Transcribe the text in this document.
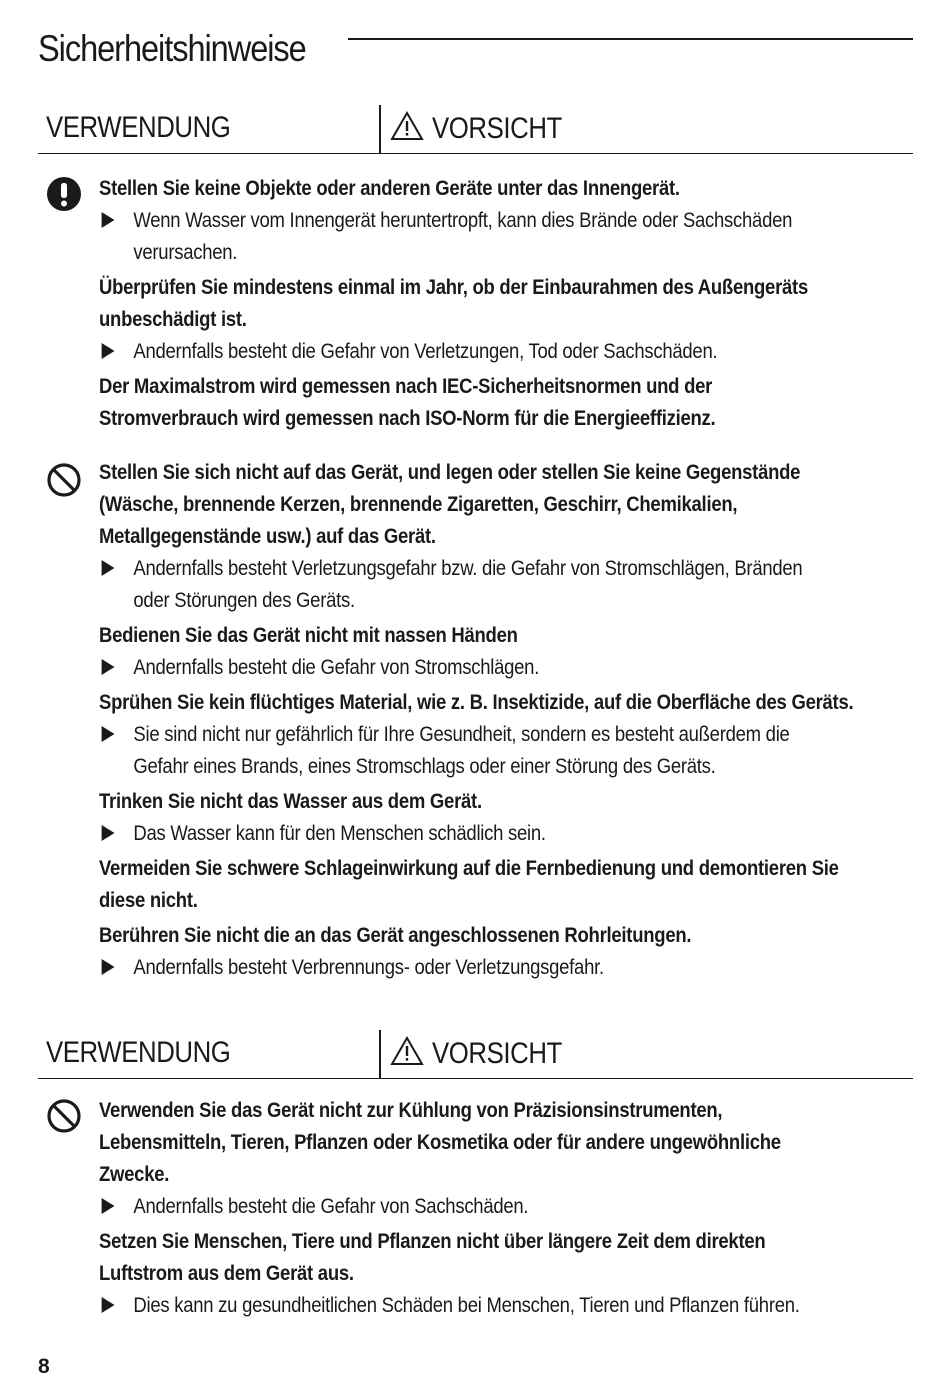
Sicherheitshinweise
VERWENDUNG	VORSICHT
Stellen Sie keine Objekte oder anderen Geräte unter das Innengerät.
Wenn Wasser vom Innengerät heruntertropft, kann dies Brände oder Sachschäden
verursachen.
Überprüfen Sie mindestens einmal im Jahr, ob der Einbaurahmen des Außengeräts
unbeschädigt ist.
Andernfalls besteht die Gefahr von Verletzungen, Tod oder Sachschäden.
Der Maximalstrom wird gemessen nach IEC-Sicherheitsnormen und der
Stromverbrauch wird gemessen nach ISO-Norm für die Energieeffizienz.
Stellen Sie sich nicht auf das Gerät, und legen oder stellen Sie keine Gegenstände
(Wäsche, brennende Kerzen, brennende Zigaretten, Geschirr, Chemikalien,
Metallgegenstände usw.) auf das Gerät.
Andernfalls besteht Verletzungsgefahr bzw. die Gefahr von Stromschlägen, Bränden
oder Störungen des Geräts.
Bedienen Sie das Gerät nicht mit nassen Händen
Andernfalls besteht die Gefahr von Stromschlägen.
Sprühen Sie kein flüchtiges Material, wie z. B. Insektizide, auf die Oberfläche des Geräts.
Sie sind nicht nur gefährlich für Ihre Gesundheit, sondern es besteht außerdem die
Gefahr eines Brands, eines Stromschlags oder einer Störung des Geräts.
Trinken Sie nicht das Wasser aus dem Gerät.
Das Wasser kann für den Menschen schädlich sein.
Vermeiden Sie schwere Schlageinwirkung auf die Fernbedienung und demontieren Sie
diese nicht.
Berühren Sie nicht die an das Gerät angeschlossenen Rohrleitungen.
Andernfalls besteht Verbrennungs- oder Verletzungsgefahr.
VERWENDUNG	VORSICHT
Verwenden Sie das Gerät nicht zur Kühlung von Präzisionsinstrumenten,
Lebensmitteln, Tieren, Pflanzen oder Kosmetika oder für andere ungewöhnliche
Zwecke.
Andernfalls besteht die Gefahr von Sachschäden.
Setzen Sie Menschen, Tiere und Pflanzen nicht über längere Zeit dem direkten
Luftstrom aus dem Gerät aus.
Dies kann zu gesundheitlichen Schäden bei Menschen, Tieren und Pflanzen führen.
8
